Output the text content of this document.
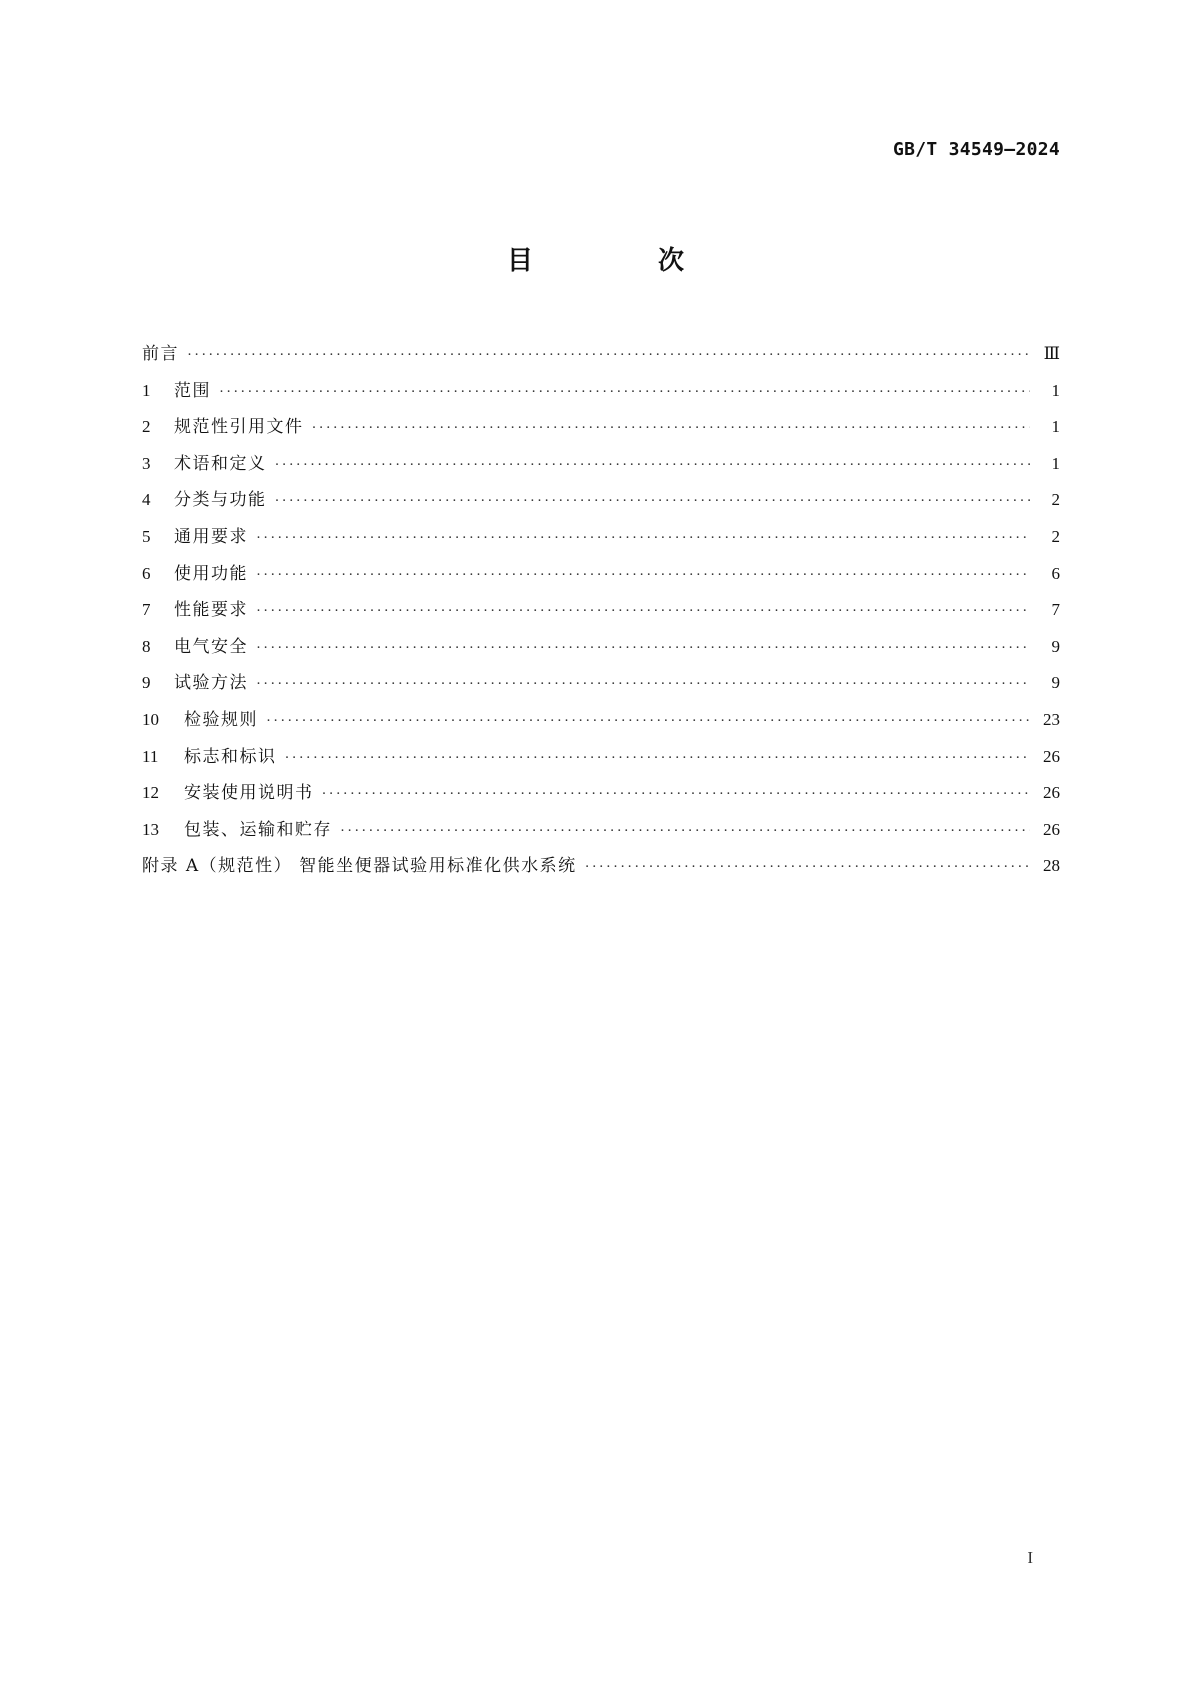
GB/T 34549—2024
目 次
前言 ·····	Ⅲ
1	范围 ·····	1
2	规范性引用文件 ·····	1
3	术语和定义 ·····	1
4	分类与功能 ·····	2
5	通用要求 ·····	2
6	使用功能 ·····	6
7	性能要求 ·····	7
8	电气安全 ·····	9
9	试验方法 ·····	9
10	检验规则 ·····	23
11	标志和标识 ·····	26
12	安装使用说明书 ·····	26
13	包装、运输和贮存 ·····	26
附录 A（规范性） 智能坐便器试验用标准化供水系统 ·····	28
I
